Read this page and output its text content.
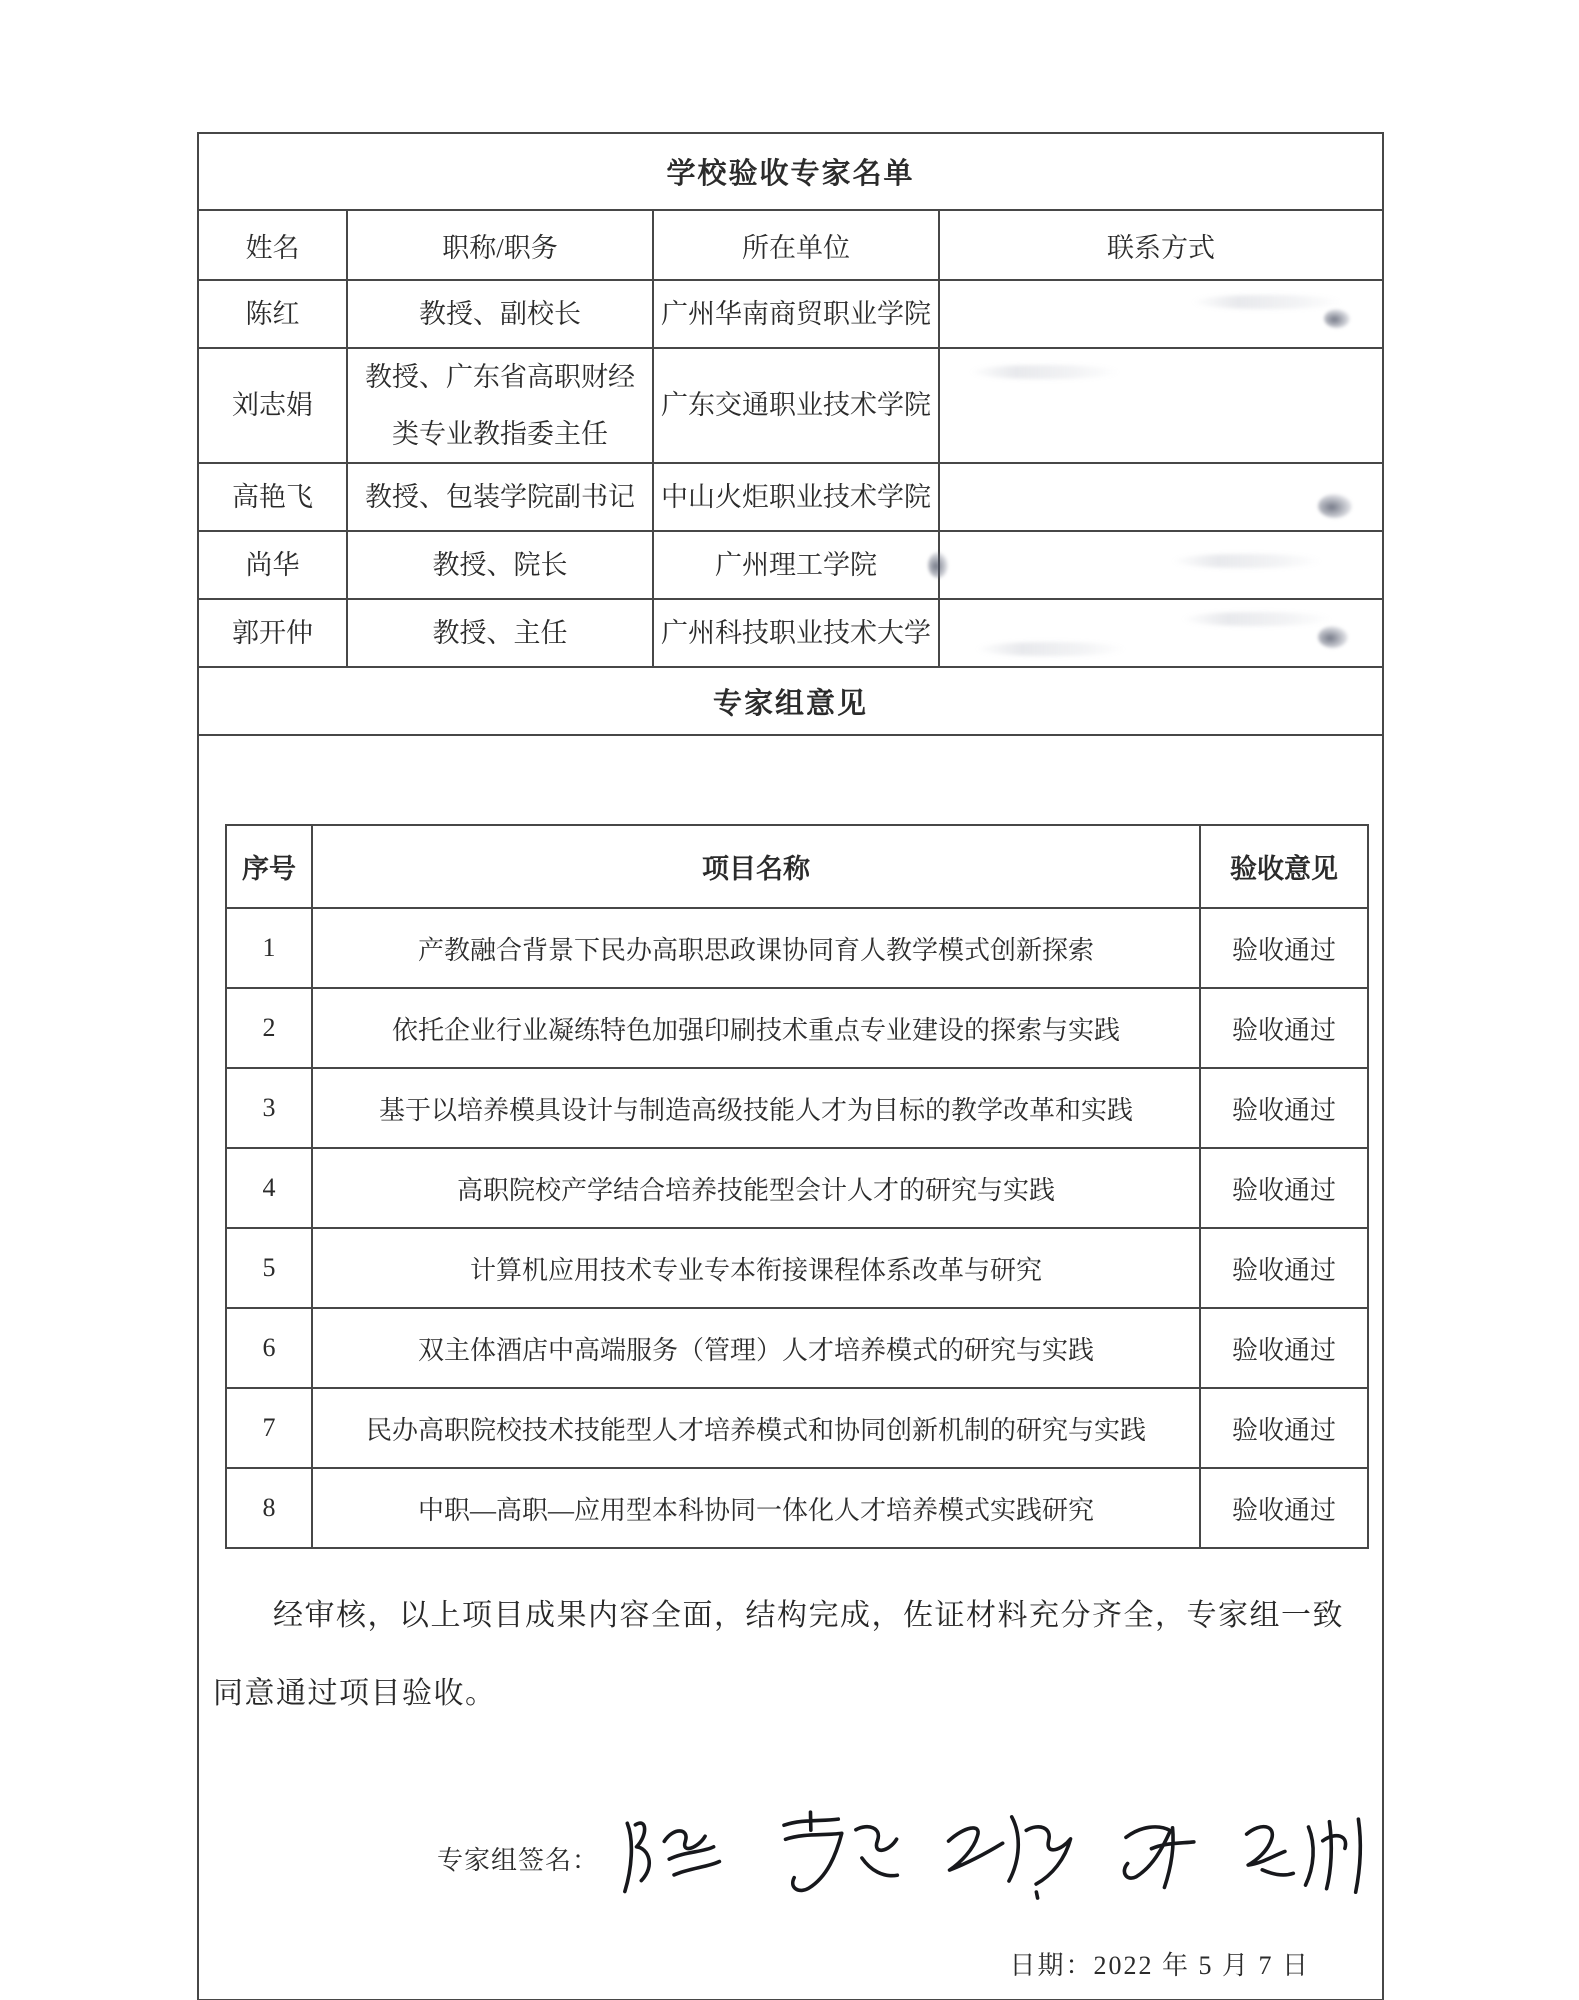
学校验收专家名单
姓名	职称/职务	所在单位	联系方式
陈红	教授、副校长	广州华南商贸职业学院	

刘志娟	教授、广东省高职财经类专业教指委主任	广东交通职业技术学院	

高艳飞	教授、包装学院副书记	中山火炬职业技术学院	

尚华	教授、院长	广州理工学院	

郭开仲	教授、主任	广州科技职业技术大学	

专家组意见

序号	项目名称	验收意见
1	产教融合背景下民办高职思政课协同育人教学模式创新探索	验收通过
2	依托企业行业凝练特色加强印刷技术重点专业建设的探索与实践	验收通过
3	基于以培养模具设计与制造高级技能人才为目标的教学改革和实践	验收通过
4	高职院校产学结合培养技能型会计人才的研究与实践	验收通过
5	计算机应用技术专业专本衔接课程体系改革与研究	验收通过
6	双主体酒店中高端服务（管理）人才培养模式的研究与实践	验收通过
7	民办高职院校技术技能型人才培养模式和协同创新机制的研究与实践	验收通过
8	中职—高职—应用型本科协同一体化人才培养模式实践研究	验收通过
经审核，以上项目成果内容全面，结构完成，佐证材料充分齐全，专家组一致同意通过项目验收。
专家组签名：
日期：2022 年 5 月 7 日
